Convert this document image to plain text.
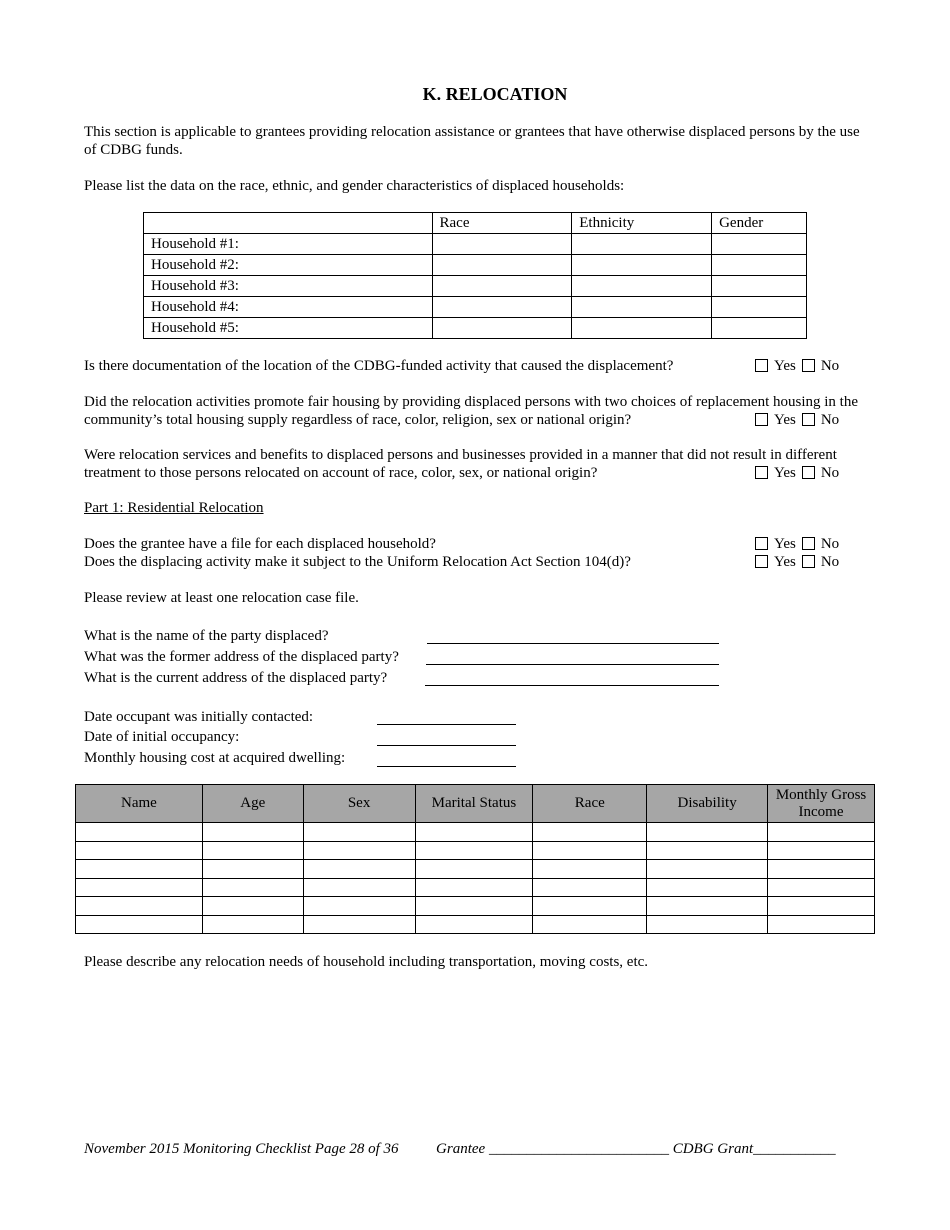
K. RELOCATION
This section is applicable to grantees providing relocation assistance or grantees that have otherwise displaced persons by the use of CDBG funds.
Please list the data on the race, ethnic, and gender characteristics of displaced households:
	Race	Ethnicity	Gender
Household #1:			
Household #2:			
Household #3:			
Household #4:			
Household #5:			
Is there documentation of the location of the CDBG-funded activity that caused the displacement?	Yes No
Did the relocation activities promote fair housing by providing displaced persons with two choices of replacement housing in the community’s total housing supply regardless of race, color, religion, sex or national origin?	Yes No
Were relocation services and benefits to displaced persons and businesses provided in a manner that did not result in different treatment to those persons relocated on account of race, color, sex, or national origin?	Yes No
Part 1: Residential Relocation
Does the grantee have a file for each displaced household?	Yes No
Does the displacing activity make it subject to the Uniform Relocation Act Section 104(d)?	Yes No
Please review at least one relocation case file.
What is the name of the party displaced?
What was the former address of the displaced party?
What is the current address of the displaced party?
Date occupant was initially contacted:
Date of initial occupancy:
Monthly housing cost at acquired dwelling:
Name	Age	Sex	Marital Status	Race	Disability	Monthly Gross Income

Please describe any relocation needs of household including transportation, moving costs, etc.
November 2015 Monitoring Checklist Page 28 of 36	Grantee ________________________ CDBG Grant___________
